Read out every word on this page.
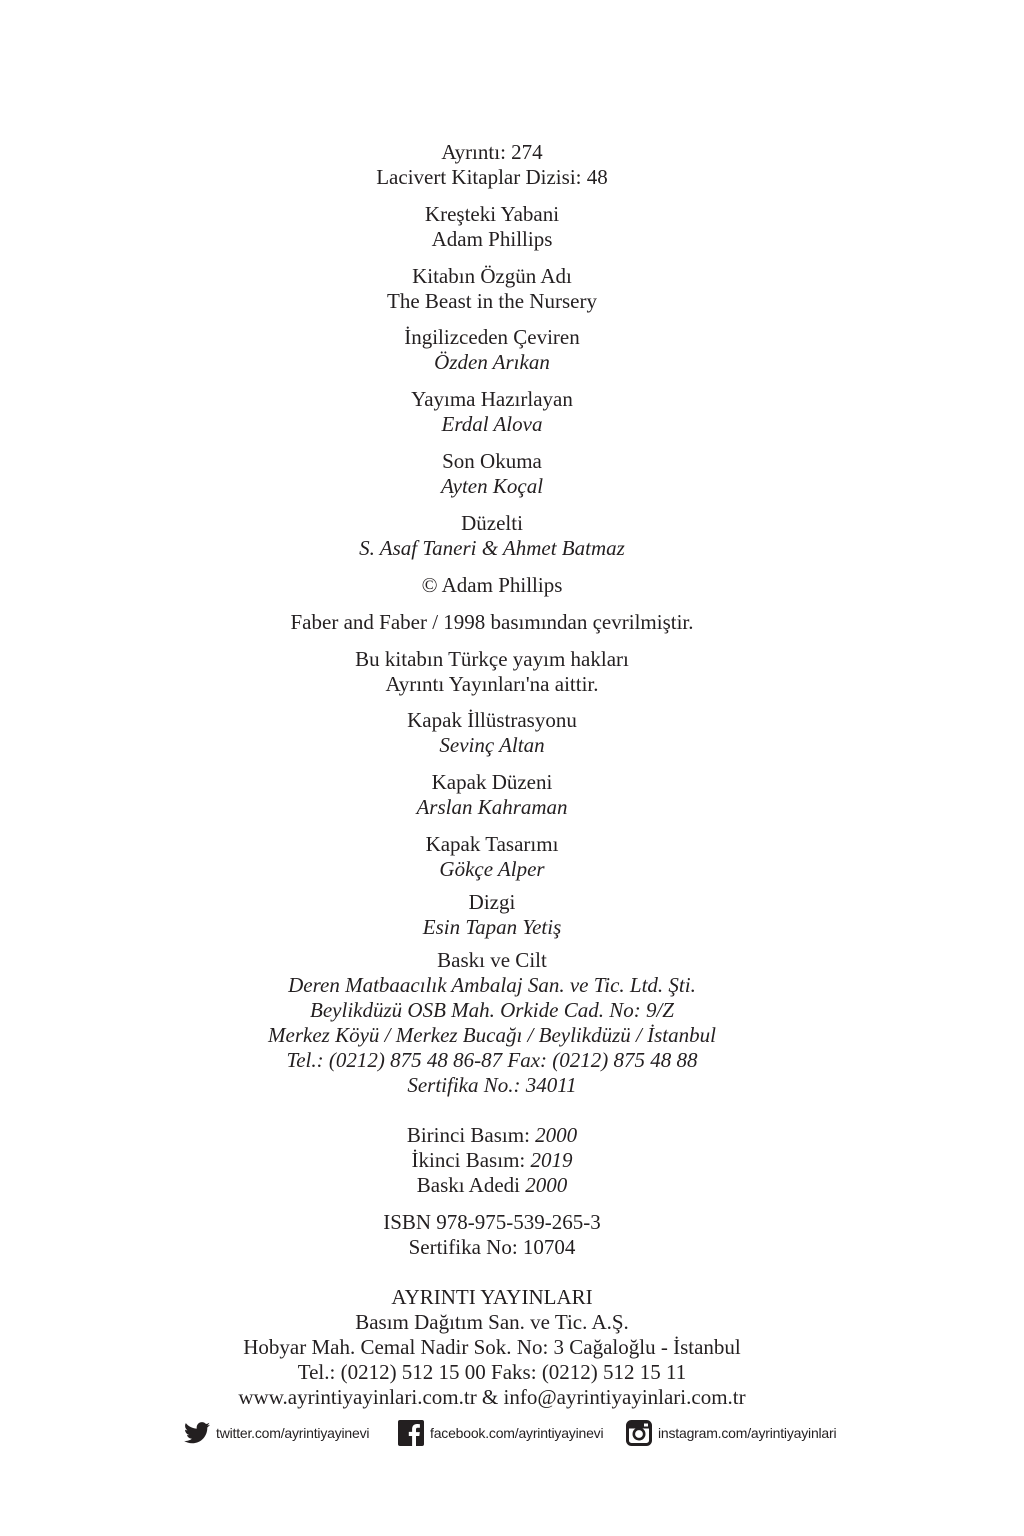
Ayrıntı: 274
Lacivert Kitaplar Dizisi: 48
Kreşteki Yabani
Adam Phillips
Kitabın Özgün Adı
The Beast in the Nursery
İngilizceden Çeviren
Özden Arıkan
Yayıma Hazırlayan
Erdal Alova
Son Okuma
Ayten Koçal
Düzelti
S. Asaf Taneri & Ahmet Batmaz
© Adam Phillips
Faber and Faber / 1998 basımından çevrilmiştir.
Bu kitabın Türkçe yayım hakları
Ayrıntı Yayınları'na aittir.
Kapak İllüstrasyonu
Sevinç Altan
Kapak Düzeni
Arslan Kahraman
Kapak Tasarımı
Gökçe Alper
Dizgi
Esin Tapan Yetiş
Baskı ve Cilt
Deren Matbaacılık Ambalaj San. ve Tic. Ltd. Şti.
Beylikdüzü OSB Mah. Orkide Cad. No: 9/Z
Merkez Köyü / Merkez Bucağı / Beylikdüzü / İstanbul
Tel.: (0212) 875 48 86-87 Fax: (0212) 875 48 88
Sertifika No.: 34011
Birinci Basım: 2000
İkinci Basım: 2019
Baskı Adedi 2000
ISBN 978-975-539-265-3
Sertifika No: 10704
AYRINTI YAYINLARI
Basım Dağıtım San. ve Tic. A.Ş.
Hobyar Mah. Cemal Nadir Sok. No: 3 Cağaloğlu - İstanbul
Tel.: (0212) 512 15 00 Faks: (0212) 512 15 11
www.ayrintiyayinlari.com.tr & info@ayrintiyayinlari.com.tr
twitter.com/ayrintiyayinevi	facebook.com/ayrintiyayinevi	instagram.com/ayrintiyayinlari
